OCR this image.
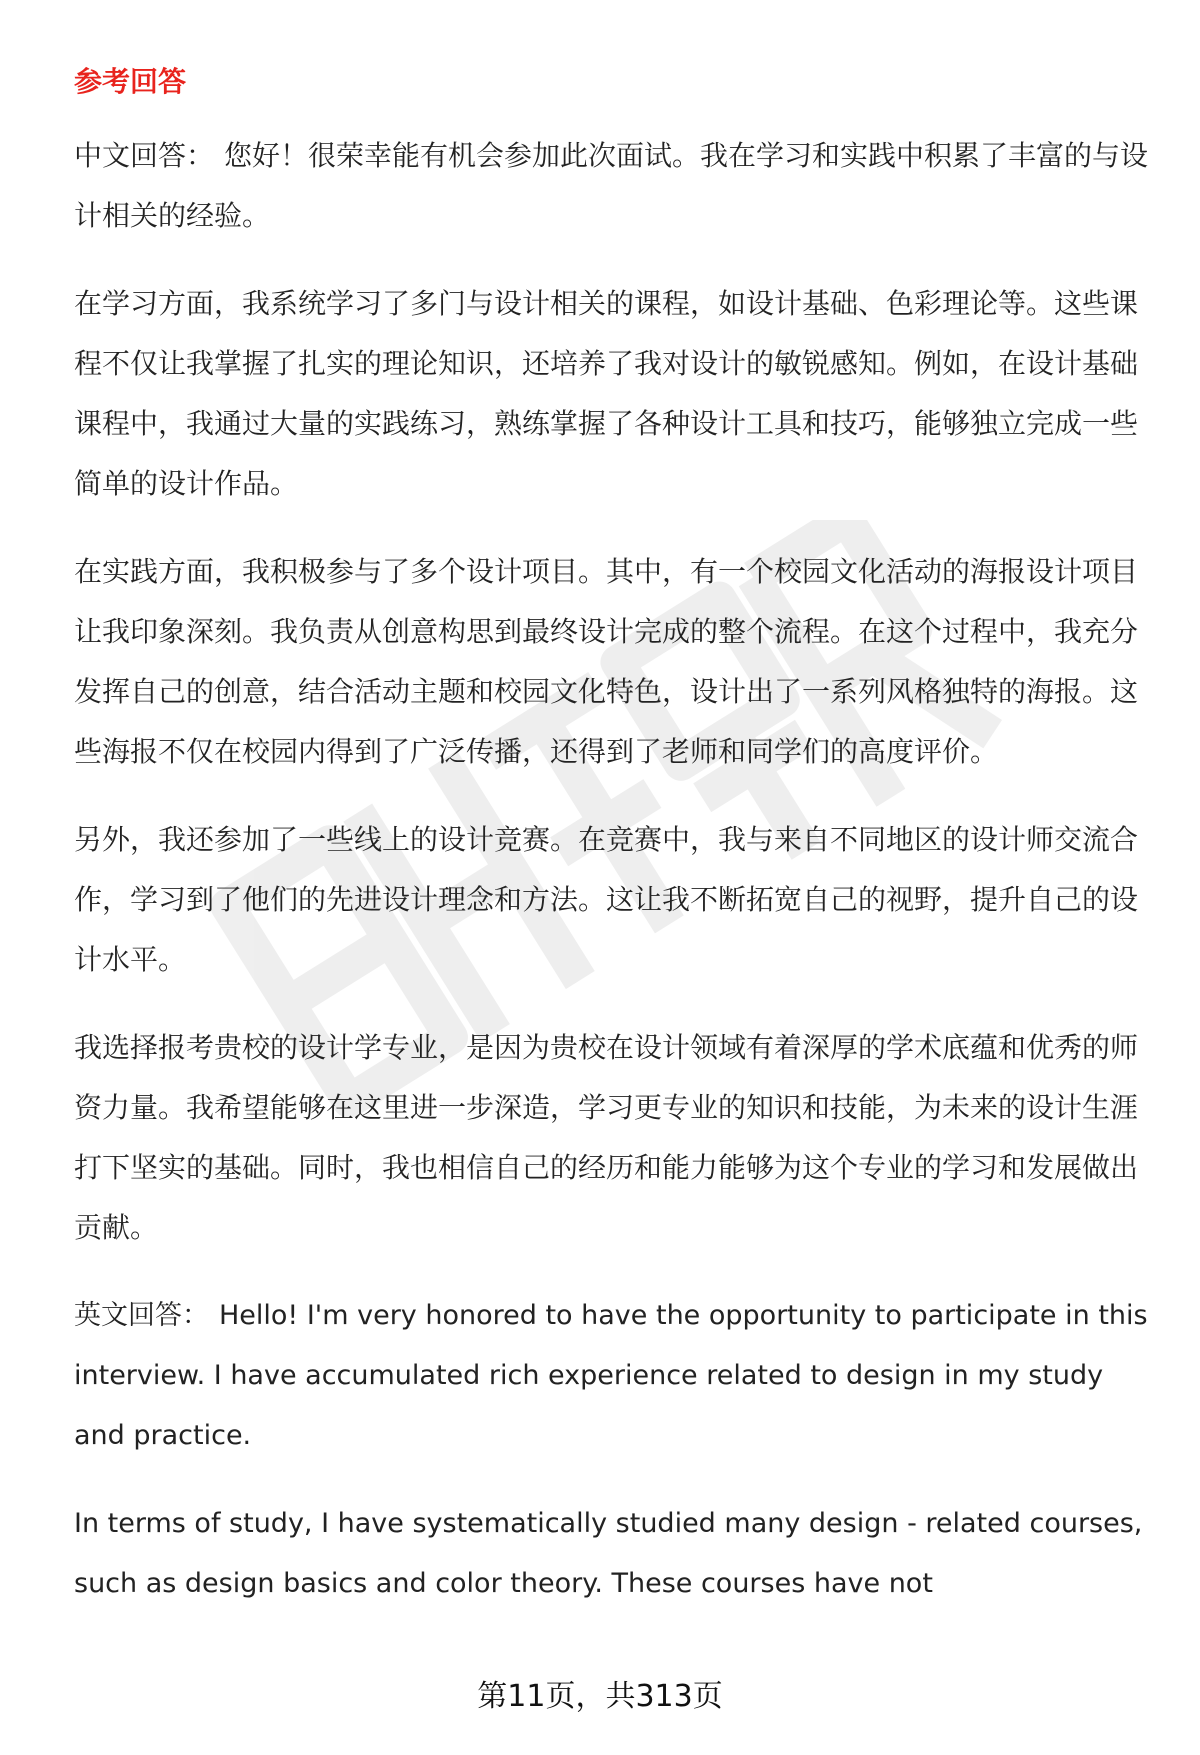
参考回答

中文回答： 您好！很荣幸能有机会参加此次面试。我在学习和实践中积累了丰富的与设计相关的经验。

在学习方面，我系统学习了多门与设计相关的课程，如设计基础、色彩理论等。这些课程不仅让我掌握了扎实的理论知识，还培养了我对设计的敏锐感知。例如，在设计基础课程中，我通过大量的实践练习，熟练掌握了各种设计工具和技巧，能够独立完成一些简单的设计作品。

在实践方面，我积极参与了多个设计项目。其中，有一个校园文化活动的海报设计项目让我印象深刻。我负责从创意构思到最终设计完成的整个流程。在这个过程中，我充分发挥自己的创意，结合活动主题和校园文化特色，设计出了一系列风格独特的海报。这些海报不仅在校园内得到了广泛传播，还得到了老师和同学们的高度评价。

另外，我还参加了一些线上的设计竞赛。在竞赛中，我与来自不同地区的设计师交流合作，学习到了他们的先进设计理念和方法。这让我不断拓宽自己的视野，提升自己的设计水平。

我选择报考贵校的设计学专业，是因为贵校在设计领域有着深厚的学术底蕴和优秀的师资力量。我希望能够在这里进一步深造，学习更专业的知识和技能，为未来的设计生涯打下坚实的基础。同时，我也相信自己的经历和能力能够为这个专业的学习和发展做出贡献。

英文回答： Hello! I'm very honored to have the opportunity to participate in this interview. I have accumulated rich experience related to design in my study and practice.

In terms of study, I have systematically studied many design - related courses, such as design basics and color theory. These courses have not

第11页，共313页
